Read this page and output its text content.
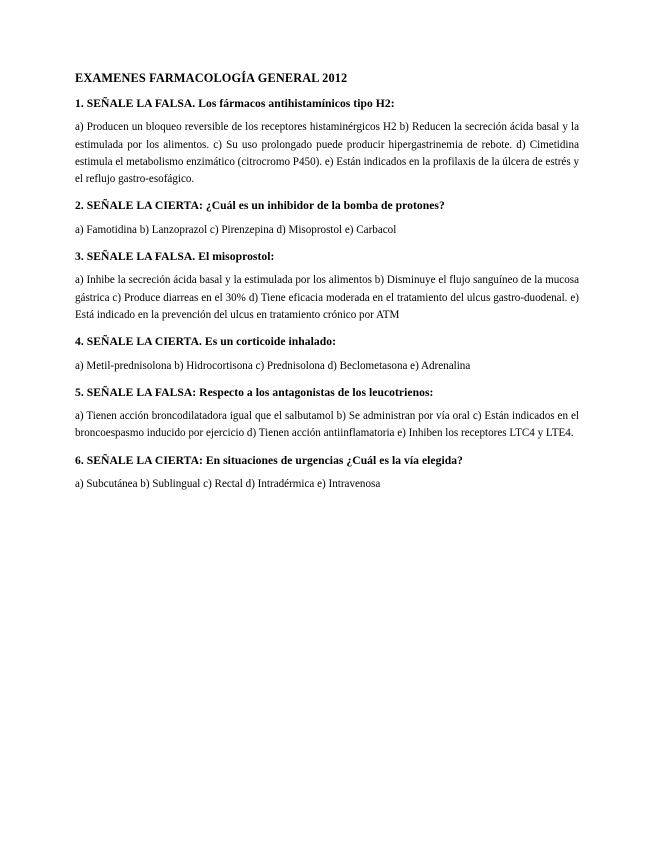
EXAMENES FARMACOLOGÍA GENERAL 2012
1. SEÑALE LA FALSA. Los fármacos antihistamínicos tipo H2:

a) Producen un bloqueo reversible de los receptores histaminérgicos H2 b) Reducen la secreción ácida basal y la estimulada por los alimentos. c) Su uso prolongado puede producir hipergastrinemia de rebote. d) Cimetidina estimula el metabolismo enzimático (citrocromo P450). e) Están indicados en la profilaxis de la úlcera de estrés y el reflujo gastro-esofágico.

2. SEÑALE LA CIERTA: ¿Cuál es un inhibidor de la bomba de protones?

a) Famotidina b) Lanzoprazol c) Pirenzepina d) Misoprostol e) Carbacol

3. SEÑALE LA FALSA. El misoprostol:

a) Inhibe la secreción ácida basal y la estimulada por los alimentos b) Disminuye el flujo sanguíneo de la mucosa gástrica c) Produce diarreas en el 30% d) Tiene eficacia moderada en el tratamiento del ulcus gastro-duodenal. e) Está indicado en la prevención del ulcus en tratamiento crónico por ATM

4. SEÑALE LA CIERTA. Es un corticoide inhalado:

a) Metil-prednisolona b) Hidrocortisona c) Prednisolona d) Beclometasona e) Adrenalina

5. SEÑALE LA FALSA: Respecto a los antagonistas de los leucotrienos:

a) Tienen acción broncodilatadora igual que el salbutamol b) Se administran por vía oral c) Están indicados en el broncoespasmo inducido por ejercicio d) Tienen acción antiinflamatoria e) Inhiben los receptores LTC4 y LTE4.

6. SEÑALE LA CIERTA: En situaciones de urgencias ¿Cuál es la vía elegida?

a) Subcutánea b) Sublingual c) Rectal d) Intradérmica e) Intravenosa
